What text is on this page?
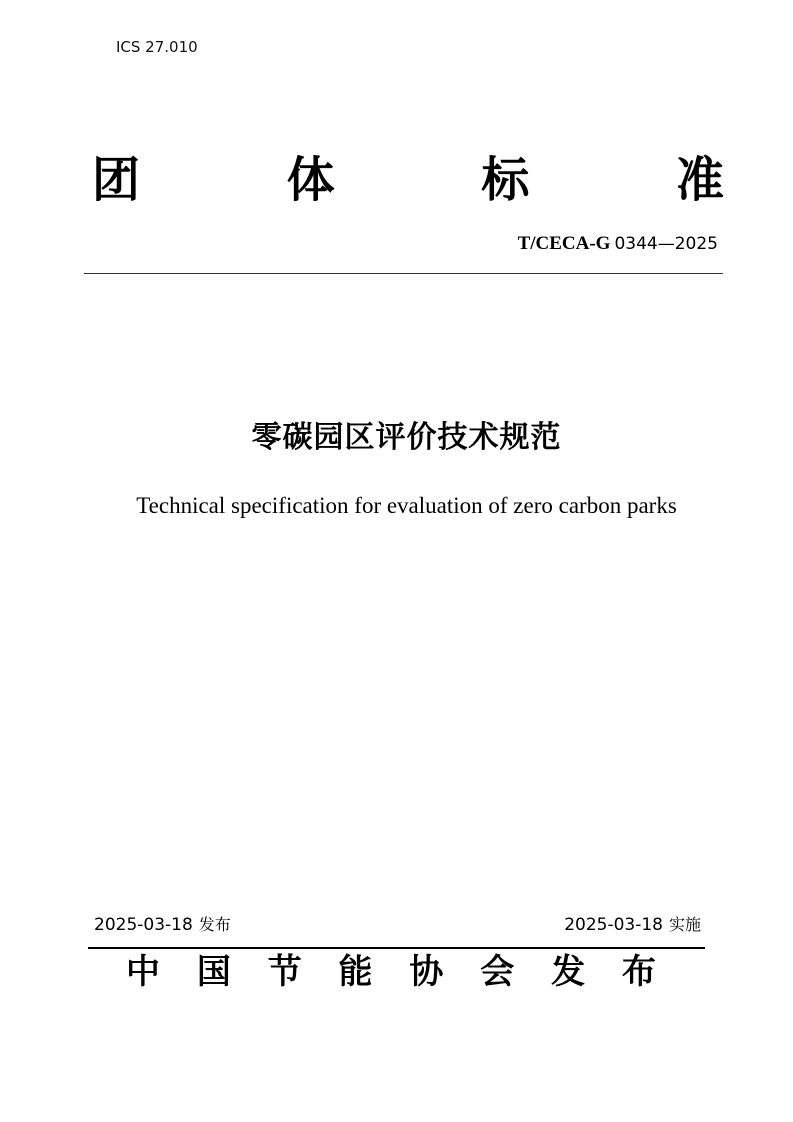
ICS 27.010
团	体	标	准
T/CECA-G 0344—2025
零碳园区评价技术规范
Technical specification for evaluation of zero carbon parks
2025-03-18 发布	2025-03-18 实施
中 国 节 能 协 会 发 布
